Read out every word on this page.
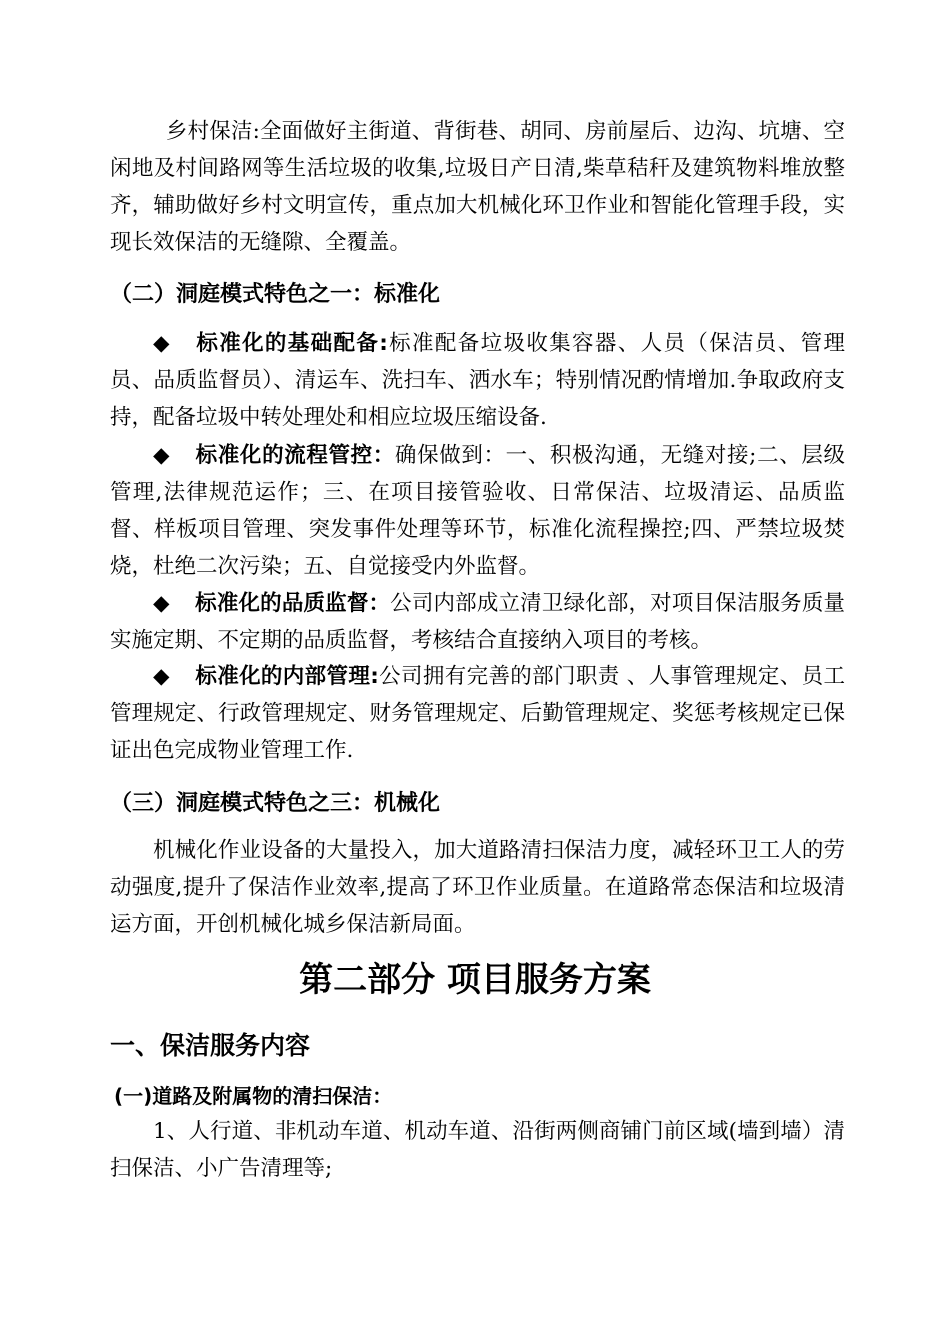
乡村保洁:全面做好主街道、背街巷、胡同、房前屋后、边沟、坑塘、空闲地及村间路网等生活垃圾的收集,垃圾日产日清,柴草秸秆及建筑物料堆放整齐，辅助做好乡村文明宣传，重点加大机械化环卫作业和智能化管理手段，实现长效保洁的无缝隙、全覆盖。

（二）洞庭模式特色之一：标准化

◆ 标准化的基础配备:标准配备垃圾收集容器、人员（保洁员、管理员、品质监督员）、清运车、洗扫车、洒水车；特别情况酌情增加.争取政府支持，配备垃圾中转处理处和相应垃圾压缩设备.

◆ 标准化的流程管控：确保做到：一、积极沟通，无缝对接;二、层级管理,法律规范运作；三、在项目接管验收、日常保洁、垃圾清运、品质监督、样板项目管理、突发事件处理等环节，标准化流程操控;四、严禁垃圾焚烧，杜绝二次污染；五、自觉接受内外监督。

◆ 标准化的品质监督：公司内部成立清卫绿化部，对项目保洁服务质量实施定期、不定期的品质监督，考核结合直接纳入项目的考核。

◆ 标准化的内部管理:公司拥有完善的部门职责 、人事管理规定、员工管理规定、行政管理规定、财务管理规定、后勤管理规定、奖惩考核规定已保证出色完成物业管理工作.

（三）洞庭模式特色之三：机械化

机械化作业设备的大量投入，加大道路清扫保洁力度，减轻环卫工人的劳动强度,提升了保洁作业效率,提高了环卫作业质量。在道路常态保洁和垃圾清运方面，开创机械化城乡保洁新局面。

第二部分 项目服务方案
一、保洁服务内容
(一)道路及附属物的清扫保洁：

1、人行道、非机动车道、机动车道、沿街两侧商铺门前区域(墙到墙）清扫保洁、小广告清理等;
